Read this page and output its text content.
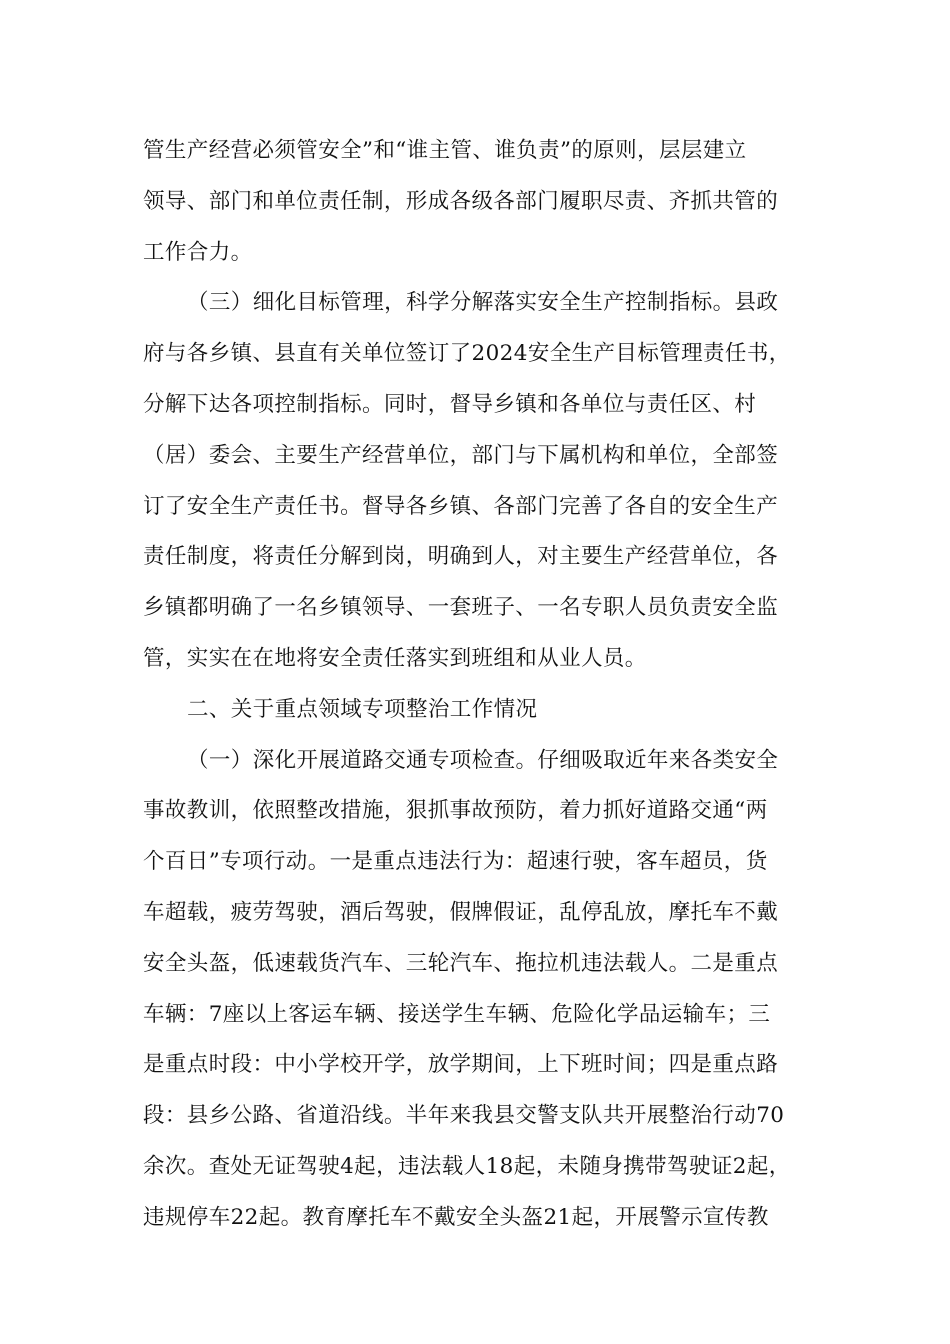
管生产经营必须管安全”和“谁主管、谁负责”的原则，层层建立
领导、部门和单位责任制，形成各级各部门履职尽责、齐抓共管的
工作合力。
（三）细化目标管理，科学分解落实安全生产控制指标。县政
府与各乡镇、县直有关单位签订了2024安全生产目标管理责任书，
分解下达各项控制指标。同时，督导乡镇和各单位与责任区、村
（居）委会、主要生产经营单位，部门与下属机构和单位，全部签
订了安全生产责任书。督导各乡镇、各部门完善了各自的安全生产
责任制度，将责任分解到岗，明确到人，对主要生产经营单位，各
乡镇都明确了一名乡镇领导、一套班子、一名专职人员负责安全监
管，实实在在地将安全责任落实到班组和从业人员。
二、关于重点领域专项整治工作情况
（一）深化开展道路交通专项检查。仔细吸取近年来各类安全
事故教训，依照整改措施，狠抓事故预防，着力抓好道路交通“两
个百日”专项行动。一是重点违法行为：超速行驶，客车超员，货
车超载，疲劳驾驶，酒后驾驶，假牌假证，乱停乱放，摩托车不戴
安全头盔，低速载货汽车、三轮汽车、拖拉机违法载人。二是重点
车辆：7座以上客运车辆、接送学生车辆、危险化学品运输车；三
是重点时段：中小学校开学，放学期间，上下班时间；四是重点路
段：县乡公路、省道沿线。半年来我县交警支队共开展整治行动70
余次。查处无证驾驶4起，违法载人18起，未随身携带驾驶证2起，
违规停车22起。教育摩托车不戴安全头盔21起，开展警示宣传教
